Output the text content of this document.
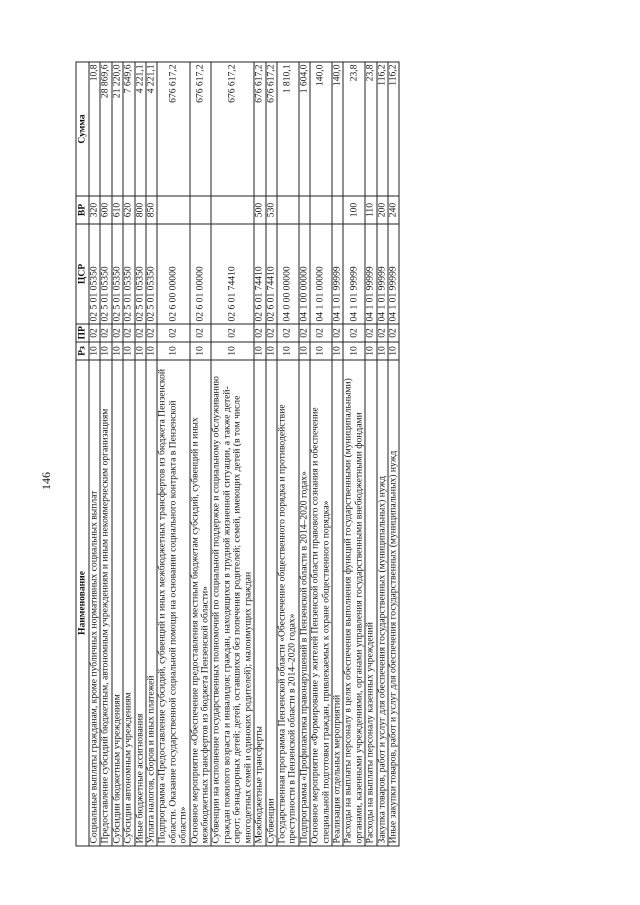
146
Наименование	Рз	ПР	ЦСР	ВР	Сумма
Социальные выплаты гражданам, кроме публичных нормативных социальных выплат	10	02	02 5 01 05350	320	10,8
Предоставление субсидий бюджетным, автономным учреждениям и иным некоммерческим организациям	10	02	02 5 01 05350	600	28 869,6
Субсидии бюджетным учреждениям	10	02	02 5 01 05350	610	21 220,0
Субсидии автономным учреждениям	10	02	02 5 01 05350	620	7 649,6
Иные бюджетные ассигнования	10	02	02 5 01 05350	800	4 221,1
Уплата налогов, сборов и иных платежей	10	02	02 5 01 05350	850	4 221,1
Подпрограмма «Предоставление субсидий, субвенций и иных межбюджетных трансфертов из бюджета Пензенской области. Оказание государственной социальной помощи на основании социального контракта в Пензенской области»	10	02	02 6 00 00000		676 617,2
Основное мероприятие «Обеспечение предоставления местным бюджетам субсидий, субвенций и иных межбюджетных трансфертов из бюджета Пензенской области»	10	02	02 6 01 00000		676 617,2
Субвенции на исполнение государственных полномочий по социальной поддержке и социальному обслуживанию граждан пожилого возраста и инвалидов; граждан, находящихся в трудной жизненной ситуации, а также детей-сирот; безнадзорных детей; детей, оставшихся без попечения родителей; семей, имеющих детей (в том числе многодетных семей и одиноких родителей); малоимущих граждан	10	02	02 6 01 74410		676 617,2
Межбюджетные трансферты	10	02	02 6 01 74410	500	676 617,2
Субвенции	10	02	02 6 01 74410	530	676 617,2
Государственная программа Пензенской области «Обеспечение общественного порядка и противодействие преступности в Пензенской области в 2014–2020 годах»	10	02	04 0 00 00000		1 810,1
Подпрограмма «Профилактика правонарушений в Пензенской области в 2014–2020 годах»	10	02	04 1 00 00000		1 604,0
Основное мероприятие «Формирование у жителей Пензенской области правового сознания и обеспечение специальной подготовки граждан, привлекаемых к охране общественного порядка»	10	02	04 1 01 00000		140,0
Реализация отдельных мероприятий	10	02	04 1 01 99999		140,0
Расходы на выплаты персоналу в целях обеспечения выполнения функций государственными (муниципальными) органами, казенными учреждениями, органами управления государственными внебюджетными фондами	10	02	04 1 01 99999	100	23,8
Расходы на выплаты персоналу казенных учреждений	10	02	04 1 01 99999	110	23,8
Закупка товаров, работ и услуг для обеспечения государственных (муниципальных) нужд	10	02	04 1 01 99999	200	116,2
Иные закупки товаров, работ и услуг для обеспечения государственных (муниципальных) нужд	10	02	04 1 01 99999	240	116,2
